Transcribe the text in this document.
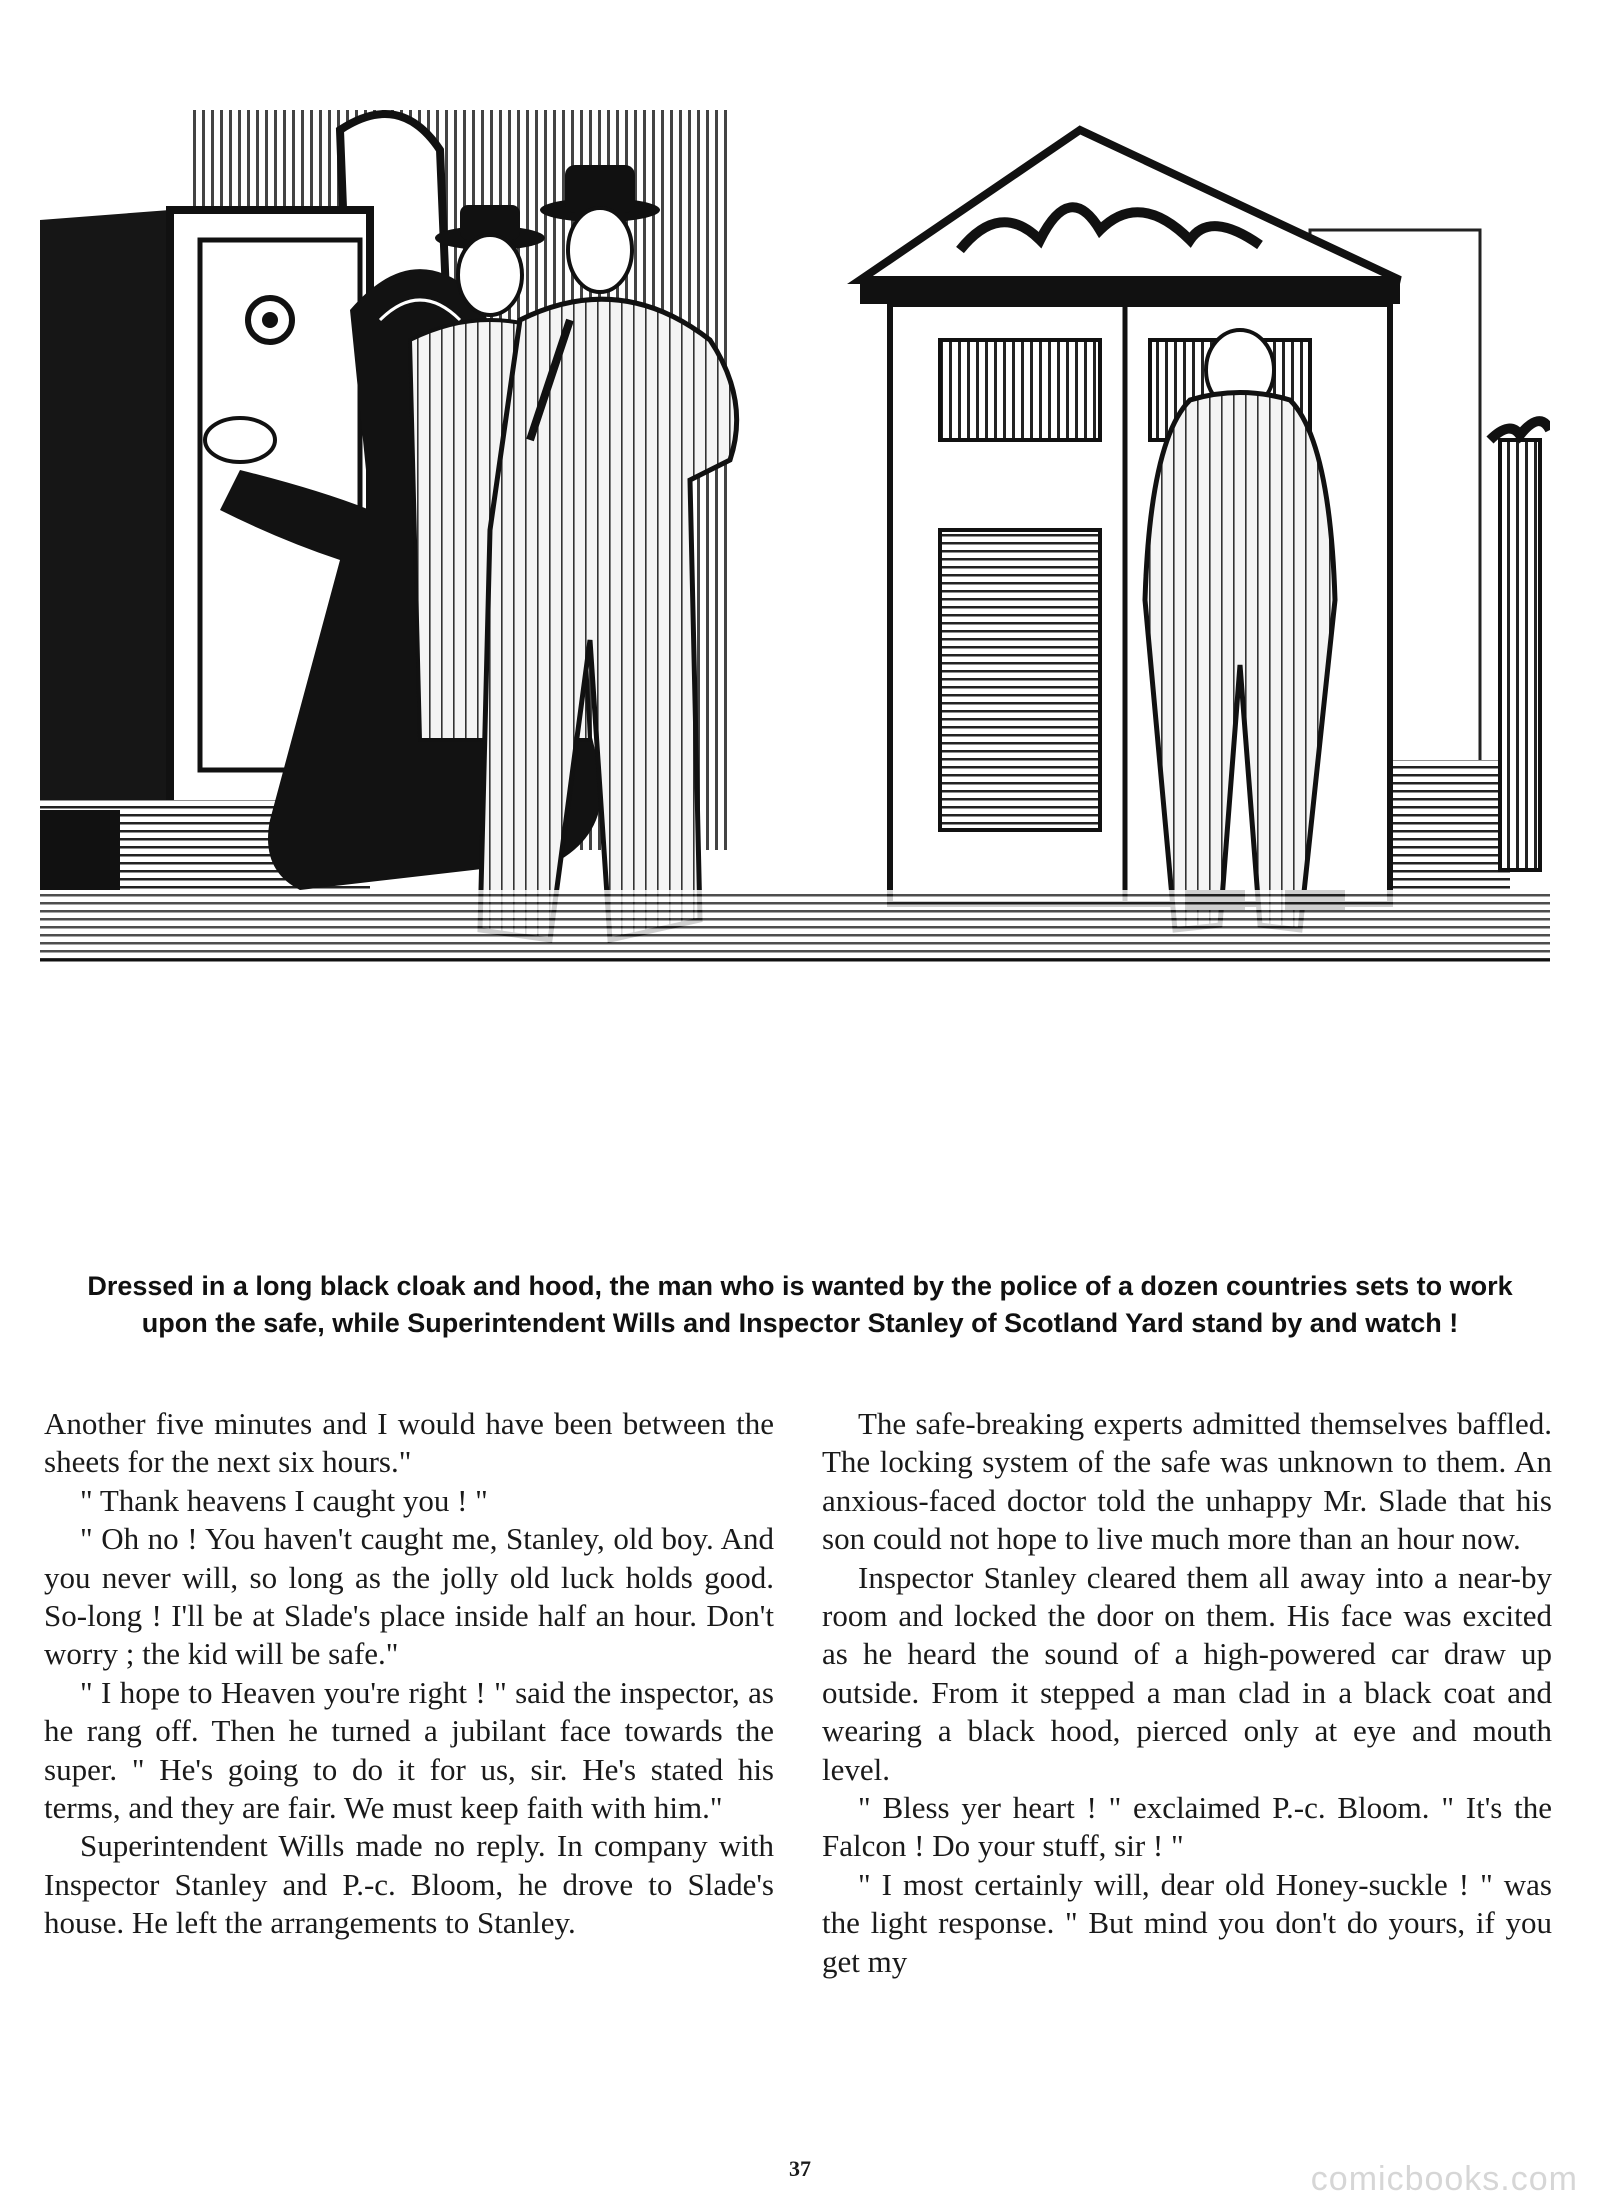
Dressed in a long black cloak and hood, the man who is wanted by the police of a dozen countries sets to work upon the safe, while Superintendent Wills and Inspector Stanley of Scotland Yard stand by and watch !

Another five minutes and I would have been between the sheets for the next six hours."

" Thank heavens I caught you ! "

" Oh no ! You haven't caught me, Stanley, old boy. And you never will, so long as the jolly old luck holds good. So-long ! I'll be at Slade's place inside half an hour. Don't worry ; the kid will be safe."

" I hope to Heaven you're right ! " said the inspector, as he rang off. Then he turned a jubilant face towards the super. " He's going to do it for us, sir. He's stated his terms, and they are fair. We must keep faith with him."

Superintendent Wills made no reply. In company with Inspector Stanley and P.-c. Bloom, he drove to Slade's house. He left the arrangements to Stanley.

The safe-breaking experts admitted themselves baffled. The locking system of the safe was unknown to them. An anxious-faced doctor told the unhappy Mr. Slade that his son could not hope to live much more than an hour now.

Inspector Stanley cleared them all away into a near-by room and locked the door on them. His face was excited as he heard the sound of a high-powered car draw up outside. From it stepped a man clad in a black coat and wearing a black hood, pierced only at eye and mouth level.

" Bless yer heart ! " exclaimed P.-c. Bloom. " It's the Falcon ! Do your stuff, sir ! "

" I most certainly will, dear old Honey-suckle ! " was the light response. " But mind you don't do yours, if you get my

37	comicbooks.com
